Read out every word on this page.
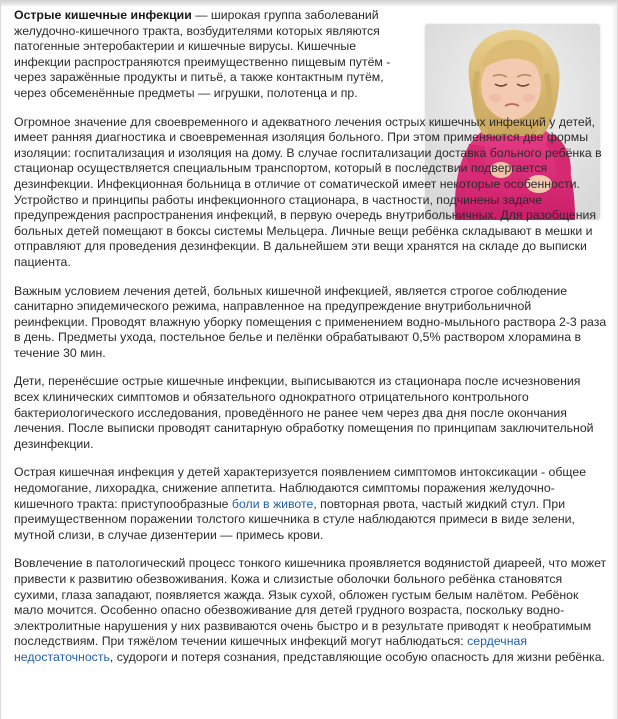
Острые кишечные инфекции — широкая группа заболеваний желудочно-кишечного тракта, возбудителями которых являются патогенные энтеробактерии и кишечные вирусы. Кишечные инфекции распространяются преимущественно пищевым путём - через заражённые продукты и питьё, а также контактным путём, через обсеменённые предметы — игрушки, полотенца и пр.

Огромное значение для своевременного и адекватного лечения острых кишечных инфекций у детей, имеет ранняя диагностика и своевременная изоляция больного. При этом применяются две формы изоляции: госпитализация и изоляция на дому. В случае госпитализации доставка больного ребёнка в стационар осуществляется специальным транспортом, который в последствии подвергается дезинфекции. Инфекционная больница в отличие от соматической имеет некоторые особенности. Устройство и принципы работы инфекционного стационара, в частности, подчинены задаче предупреждения распространения инфекций, в первую очередь внутрибольничных. Для разобщения больных детей помещают в боксы системы Мельцера. Личные вещи ребёнка складывают в мешки и отправляют для проведения дезинфекции. В дальнейшем эти вещи хранятся на складе до выписки пациента.

Важным условием лечения детей, больных кишечной инфекцией, является строгое соблюдение санитарно эпидемического режима, направленное на предупреждение внутрибольничной реинфекции. Проводят влажную уборку помещения с применением водно-мыльного раствора 2-3 раза в день. Предметы ухода, постельное белье и пелёнки обрабатывают 0,5% раствором хлорамина в течение 30 мин.

Дети, перенёсшие острые кишечные инфекции, выписываются из стационара после исчезновения всех клинических симптомов и обязательного однократного отрицательного контрольного бактериологического исследования, проведённого не ранее чем через два дня после окончания лечения. После выписки проводят санитарную обработку помещения по принципам заключительной дезинфекции.

Острая кишечная инфекция у детей характеризуется появлением симптомов интоксикации - общее недомогание, лихорадка, снижение аппетита. Наблюдаются симптомы поражения желудочно-кишечного тракта: приступообразные боли в животе, повторная рвота, частый жидкий стул. При преимущественном поражении толстого кишечника в стуле наблюдаются примеси в виде зелени, мутной слизи, в случае дизентерии — примесь крови.

Вовлечение в патологический процесс тонкого кишечника проявляется водянистой диареей, что может привести к развитию обезвоживания. Кожа и слизистые оболочки больного ребёнка становятся сухими, глаза западают, появляется жажда. Язык сухой, обложен густым белым налётом. Ребёнок мало мочится. Особенно опасно обезвоживание для детей грудного возраста, поскольку водно-электролитные нарушения у них развиваются очень быстро и в результате приводят к необратимым последствиям. При тяжёлом течении кишечных инфекций могут наблюдаться: сердечная недостаточность, судороги и потеря сознания, представляющие особую опасность для жизни ребёнка.
